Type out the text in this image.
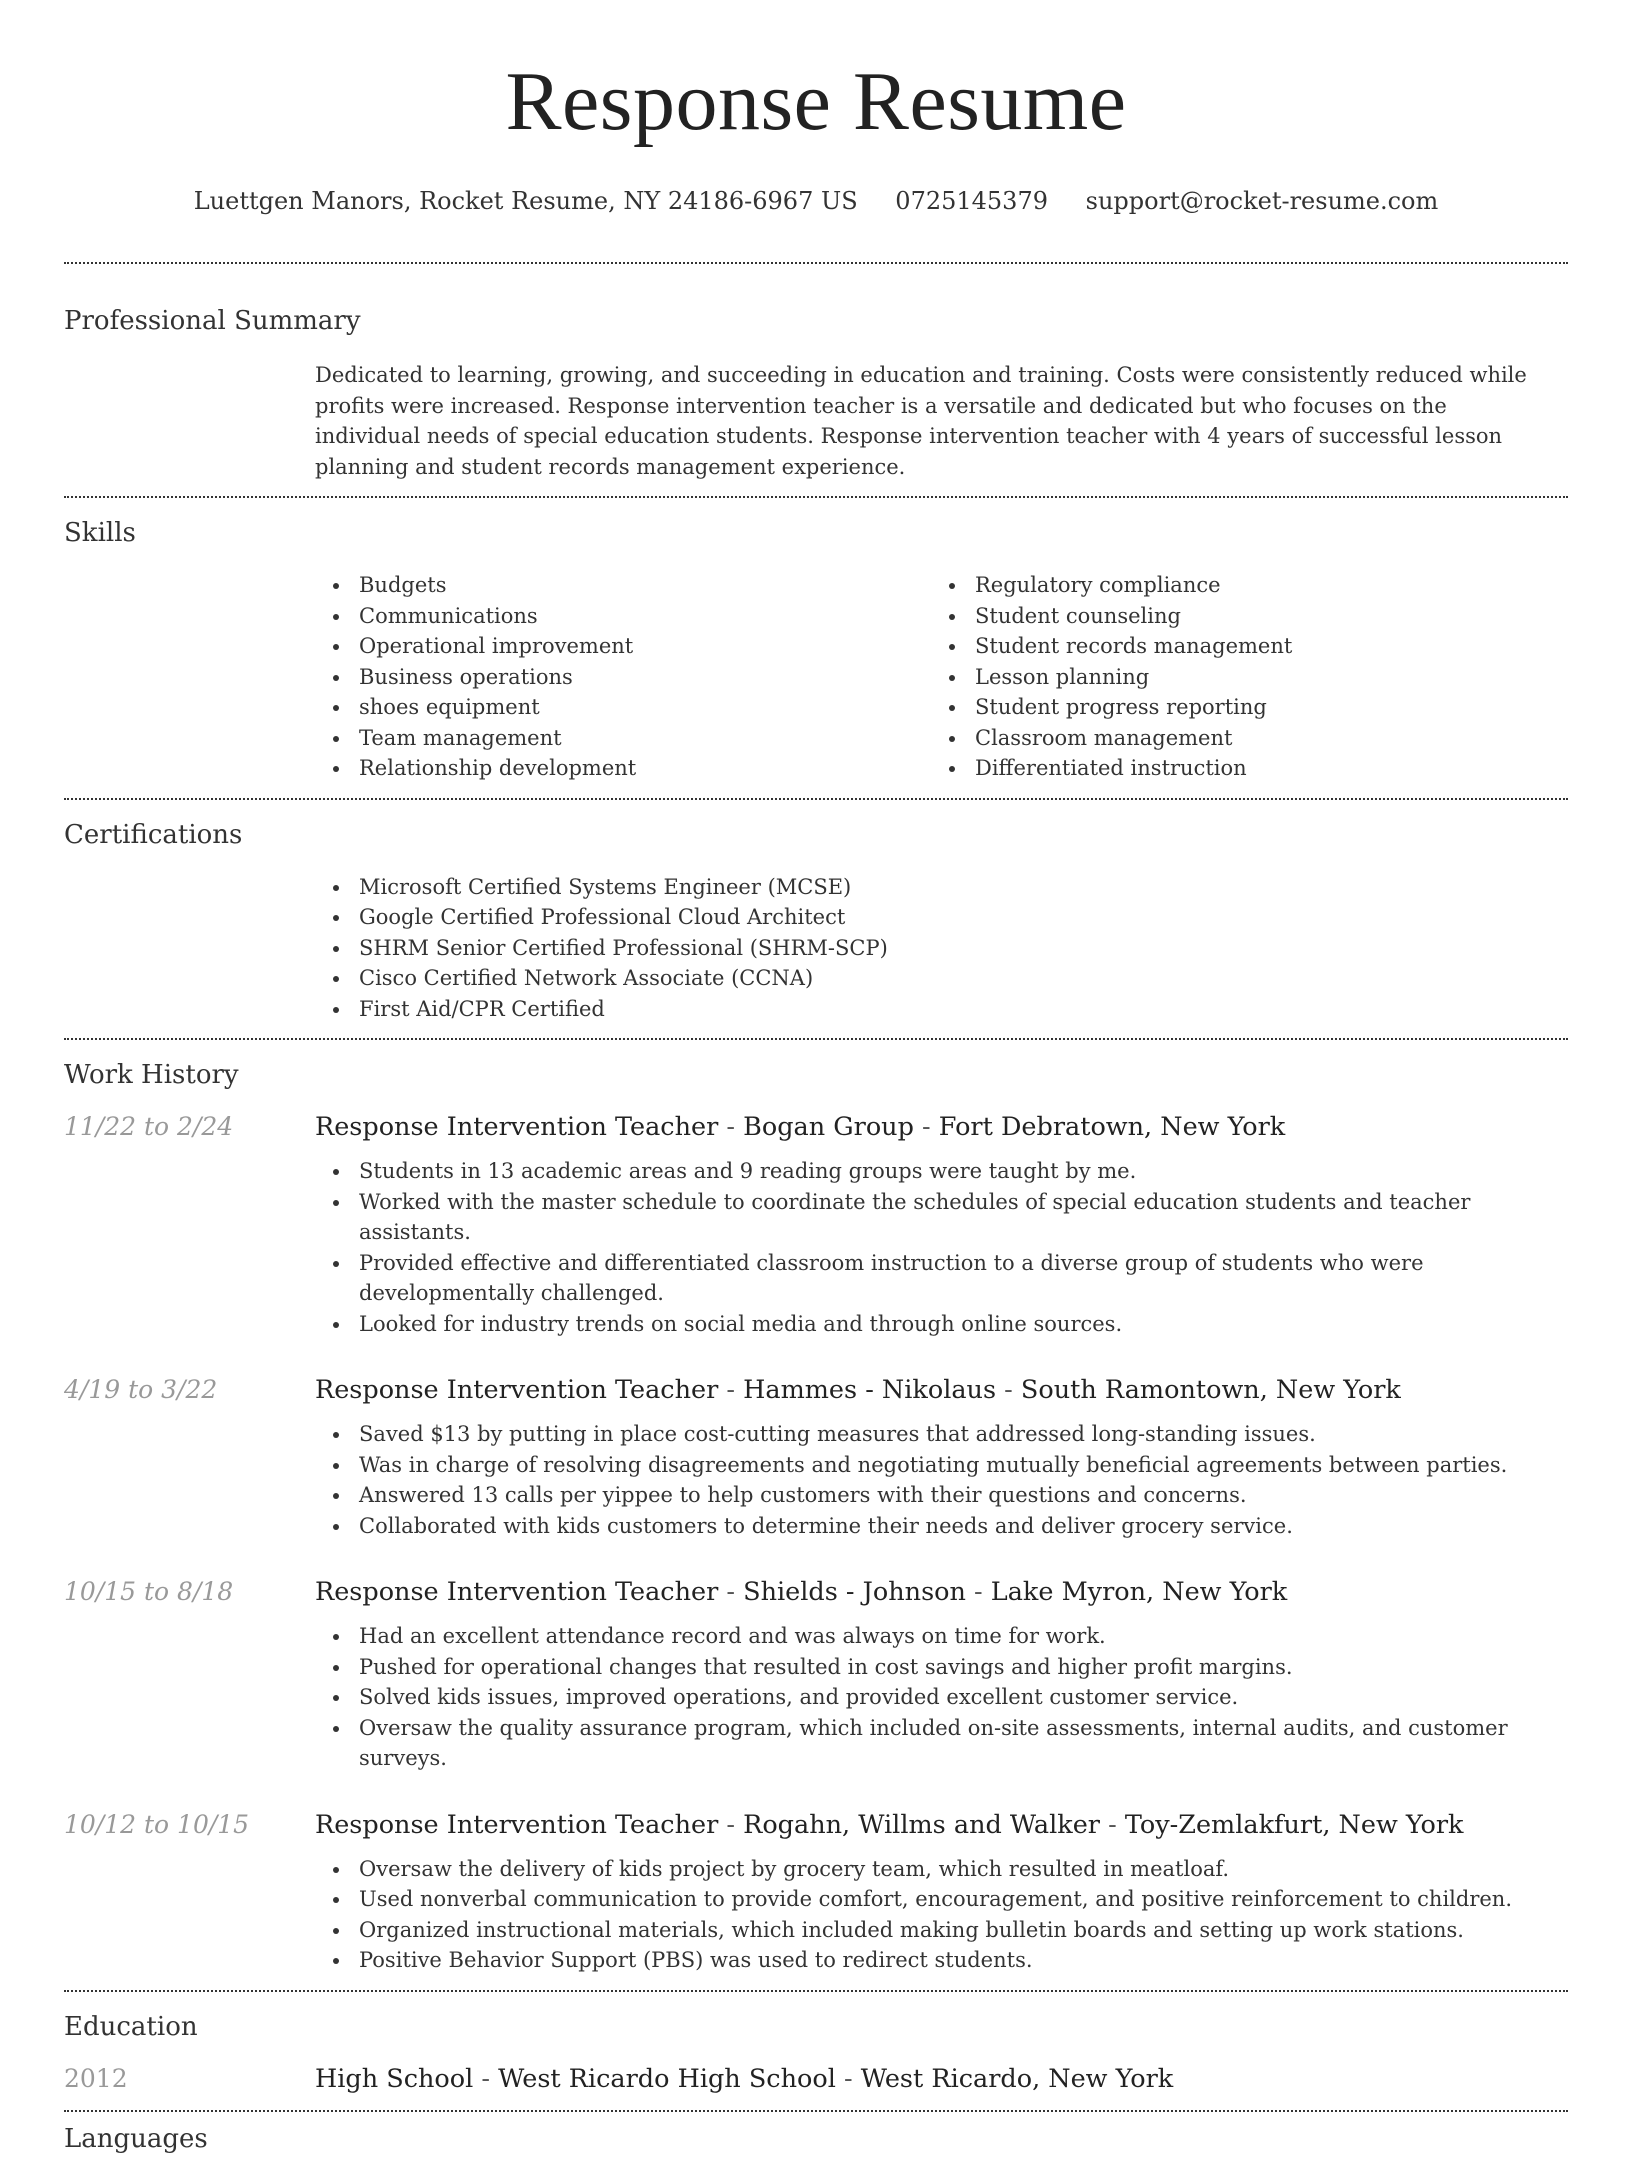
Response Resume
Luettgen Manors, Rocket Resume, NY 24186-6967 US 0725145379 support@rocket-resume.com
Professional Summary
Dedicated to learning, growing, and succeeding in education and training. Costs were consistently reduced while profits were increased. Response intervention teacher is a versatile and dedicated but who focuses on the individual needs of special education students. Response intervention teacher with 4 years of successful lesson planning and student records management experience.
Skills
Budgets
Communications
Operational improvement
Business operations
shoes equipment
Team management
Relationship development
Regulatory compliance
Student counseling
Student records management
Lesson planning
Student progress reporting
Classroom management
Differentiated instruction
Certifications
Microsoft Certified Systems Engineer (MCSE)
Google Certified Professional Cloud Architect
SHRM Senior Certified Professional (SHRM-SCP)
Cisco Certified Network Associate (CCNA)
First Aid/CPR Certified
Work History
11/22 to 2/24	Response Intervention Teacher - Bogan Group - Fort Debratown, New York
Students in 13 academic areas and 9 reading groups were taught by me.
Worked with the master schedule to coordinate the schedules of special education students and teacher assistants.
Provided effective and differentiated classroom instruction to a diverse group of students who were developmentally challenged.
Looked for industry trends on social media and through online sources.
4/19 to 3/22	Response Intervention Teacher - Hammes - Nikolaus - South Ramontown, New York
Saved $13 by putting in place cost-cutting measures that addressed long-standing issues.
Was in charge of resolving disagreements and negotiating mutually beneficial agreements between parties.
Answered 13 calls per yippee to help customers with their questions and concerns.
Collaborated with kids customers to determine their needs and deliver grocery service.
10/15 to 8/18	Response Intervention Teacher - Shields - Johnson - Lake Myron, New York
Had an excellent attendance record and was always on time for work.
Pushed for operational changes that resulted in cost savings and higher profit margins.
Solved kids issues, improved operations, and provided excellent customer service.
Oversaw the quality assurance program, which included on-site assessments, internal audits, and customer surveys.
10/12 to 10/15	Response Intervention Teacher - Rogahn, Willms and Walker - Toy-Zemlakfurt, New York
Oversaw the delivery of kids project by grocery team, which resulted in meatloaf.
Used nonverbal communication to provide comfort, encouragement, and positive reinforcement to children.
Organized instructional materials, which included making bulletin boards and setting up work stations.
Positive Behavior Support (PBS) was used to redirect students.
Education
2012	High School - West Ricardo High School - West Ricardo, New York
Languages
